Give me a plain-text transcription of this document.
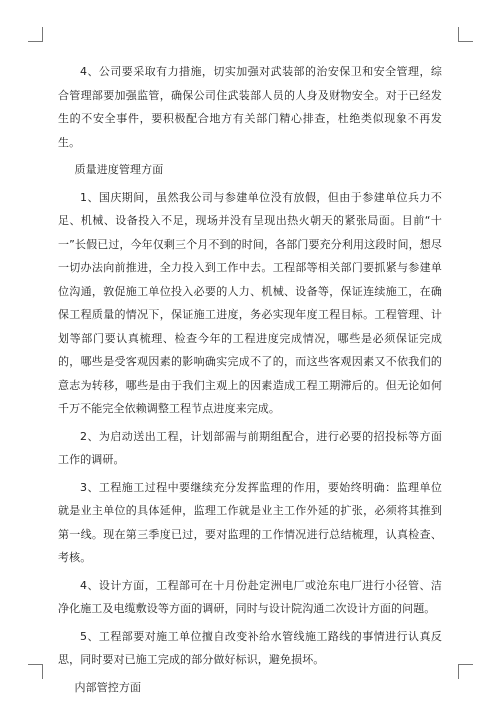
4、公司要采取有力措施，切实加强对武装部的治安保卫和安全管理，综合管理部要加强监管，确保公司住武装部人员的人身及财物安全。对于已经发生的不安全事件，要积极配合地方有关部门精心排查，杜绝类似现象不再发生。

质量进度管理方面

1、国庆期间，虽然我公司与参建单位没有放假，但由于参建单位兵力不足、机械、设备投入不足，现场并没有呈现出热火朝天的紧张局面。目前“十一”长假已过，今年仅剩三个月不到的时间，各部门要充分利用这段时间，想尽一切办法向前推进，全力投入到工作中去。工程部等相关部门要抓紧与参建单位沟通，敦促施工单位投入必要的人力、机械、设备等，保证连续施工，在确保工程质量的情况下，保证施工进度，务必实现年度工程目标。工程管理、计划等部门要认真梳理、检查今年的工程进度完成情况，哪些是必须保证完成的，哪些是受客观因素的影响确实完成不了的，而这些客观因素又不依我们的意志为转移，哪些是由于我们主观上的因素造成工程工期滞后的。但无论如何千万不能完全依赖调整工程节点进度来完成。

2、为启动送出工程，计划部需与前期组配合，进行必要的招投标等方面工作的调研。

3、工程施工过程中要继续充分发挥监理的作用，要始终明确：监理单位就是业主单位的具体延伸，监理工作就是业主工作外延的扩张，必须将其推到第一线。现在第三季度已过，要对监理的工作情况进行总结梳理，认真检查、考核。

4、设计方面，工程部可在十月份赴定洲电厂或沧东电厂进行小径管、洁净化施工及电缆敷设等方面的调研，同时与设计院沟通二次设计方面的问题。

5、工程部要对施工单位擅自改变补给水管线施工路线的事情进行认真反思，同时要对已施工完成的部分做好标识，避免损坏。

内部管控方面
